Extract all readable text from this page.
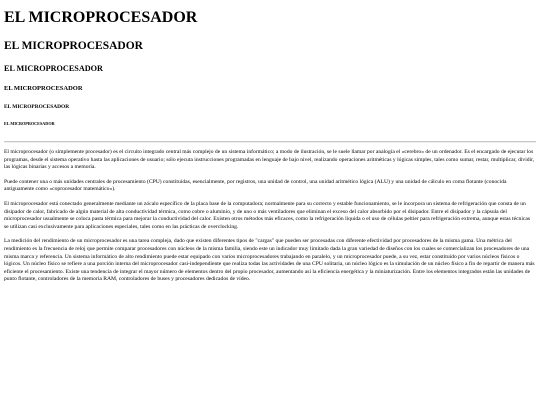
EL MICROPROCESADOR
EL MICROPROCESADOR
EL MICROPROCESADOR
EL MICROPROCESADOR
EL MICROPROCESADOR
EL MICROPROCESADOR

El microprocesador (o simplemente procesador) es el circuito integrado central más complejo de un sistema informático; a modo de ilustración, se le suele llamar por analogía el «cerebro» de un ordenador. Es el encargado de ejecutar los programas, desde el sistema operativo hasta las aplicaciones de usuario; sólo ejecuta instrucciones programadas en lenguaje de bajo nivel, realizando operaciones aritméticas y lógicas simples, tales como sumar, restar, multiplicar, dividir, las lógicas binarias y accesos a memoria.

Puede contener una o más unidades centrales de procesamiento (CPU) constituidas, esencialmente, por registros, una unidad de control, una unidad aritmético lógica (ALU) y una unidad de cálculo en coma flotante (conocida antiguamente como «coprocesador matemático»).

El microprocesador está conectado generalmente mediante un zócalo específico de la placa base de la computadora; normalmente para su correcto y estable funcionamiento, se le incorpora un sistema de refrigeración que consta de un disipador de calor, fabricado de algún material de alta conductividad térmica, como cobre o aluminio, y de uno o más ventiladores que eliminan el exceso del calor absorbido por el disipador. Entre el disipador y la cápsula del microprocesador usualmente se coloca pasta térmica para mejorar la conductividad del calor. Existen otros métodos más eficaces, como la refrigeración líquida o el uso de células peltier para refrigeración extrema, aunque estas técnicas se utilizan casi exclusivamente para aplicaciones especiales, tales como en las prácticas de overclocking.

La medición del rendimiento de un microprocesador es una tarea compleja, dado que existen diferentes tipos de "cargas" que pueden ser procesadas con diferente efectividad por procesadores de la misma gama. Una métrica del rendimiento es la frecuencia de reloj que permite comparar procesadores con núcleos de la misma familia, siendo este un indicador muy limitado dada la gran variedad de diseños con los cuales se comercializan los procesadores de una misma marca y referencia. Un sistema informático de alto rendimiento puede estar equipado con varios microprocesadores trabajando en paralelo, y un microprocesador puede, a su vez, estar constituido por varios núcleos físicos o lógicos. Un núcleo físico se refiere a una porción interna del microprocesador casi-independiente que realiza todas las actividades de una CPU solitaria, un núcleo lógico es la simulación de un núcleo físico a fin de repartir de manera más eficiente el procesamiento. Existe una tendencia de integrar el mayor número de elementos dentro del propio procesador, aumentando así la eficiencia energética y la miniaturización. Entre los elementos integrados están las unidades de punto flotante, controladores de la memoria RAM, controladores de buses y procesadores dedicados de vídeo.
